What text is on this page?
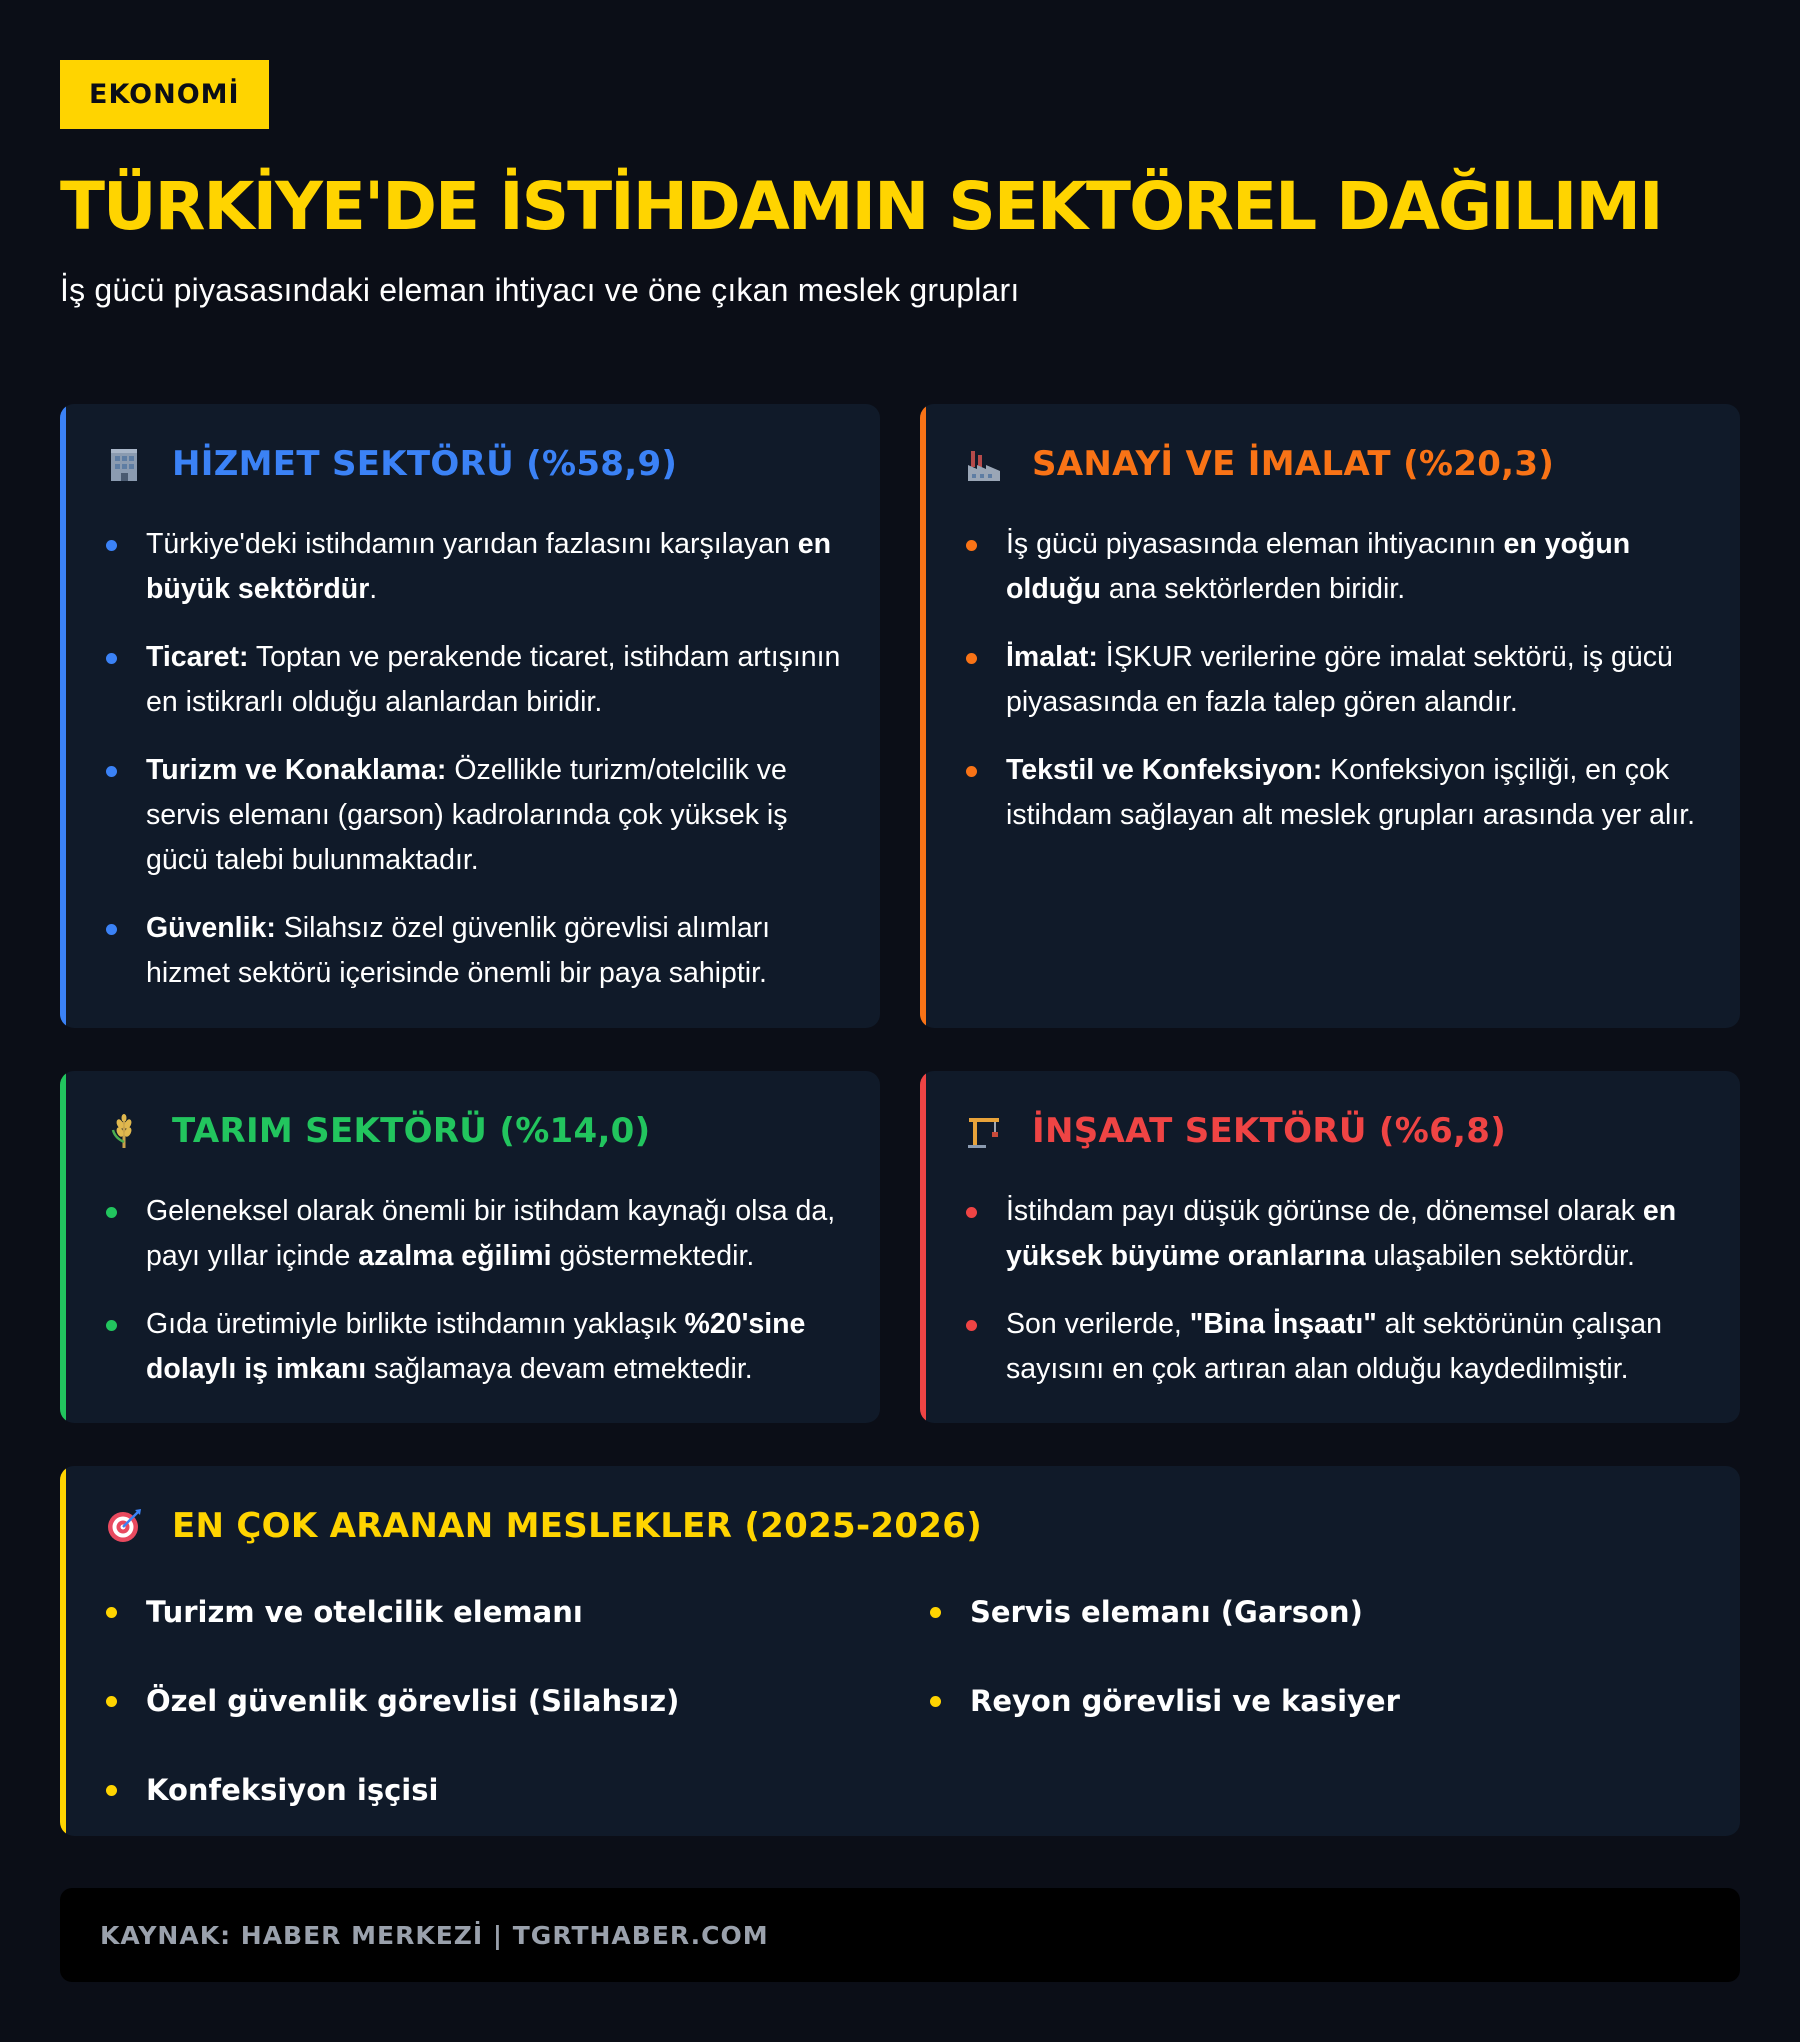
EKONOMİ
TÜRKİYE'DE İSTİHDAMIN SEKTÖREL DAĞILIMI
İş gücü piyasasındaki eleman ihtiyacı ve öne çıkan meslek grupları
HİZMET SEKTÖRÜ (%58,9)
Türkiye'deki istihdamın yarıdan fazlasını karşılayan en büyük sektördür.
Ticaret: Toptan ve perakende ticaret, istihdam artışının en istikrarlı olduğu alanlardan biridir.
Turizm ve Konaklama: Özellikle turizm/otelcilik ve servis elemanı (garson) kadrolarında çok yüksek iş gücü talebi bulunmaktadır.
Güvenlik: Silahsız özel güvenlik görevlisi alımları hizmet sektörü içerisinde önemli bir paya sahiptir.
SANAYİ VE İMALAT (%20,3)
İş gücü piyasasında eleman ihtiyacının en yoğun olduğu ana sektörlerden biridir.
İmalat: İŞKUR verilerine göre imalat sektörü, iş gücü piyasasında en fazla talep gören alandır.
Tekstil ve Konfeksiyon: Konfeksiyon işçiliği, en çok istihdam sağlayan alt meslek grupları arasında yer alır.
TARIM SEKTÖRÜ (%14,0)
Geleneksel olarak önemli bir istihdam kaynağı olsa da, payı yıllar içinde azalma eğilimi göstermektedir.
Gıda üretimiyle birlikte istihdamın yaklaşık %20'sine dolaylı iş imkanı sağlamaya devam etmektedir.
İNŞAAT SEKTÖRÜ (%6,8)
İstihdam payı düşük görünse de, dönemsel olarak en yüksek büyüme oranlarına ulaşabilen sektördür.
Son verilerde, "Bina İnşaatı" alt sektörünün çalışan sayısını en çok artıran alan olduğu kaydedilmiştir.
EN ÇOK ARANAN MESLEKLER (2025-2026)
Turizm ve otelcilik elemanı	Servis elemanı (Garson)
Özel güvenlik görevlisi (Silahsız)	Reyon görevlisi ve kasiyer
Konfeksiyon işçisi
KAYNAK: HABER MERKEZİ | TGRTHABER.COM
